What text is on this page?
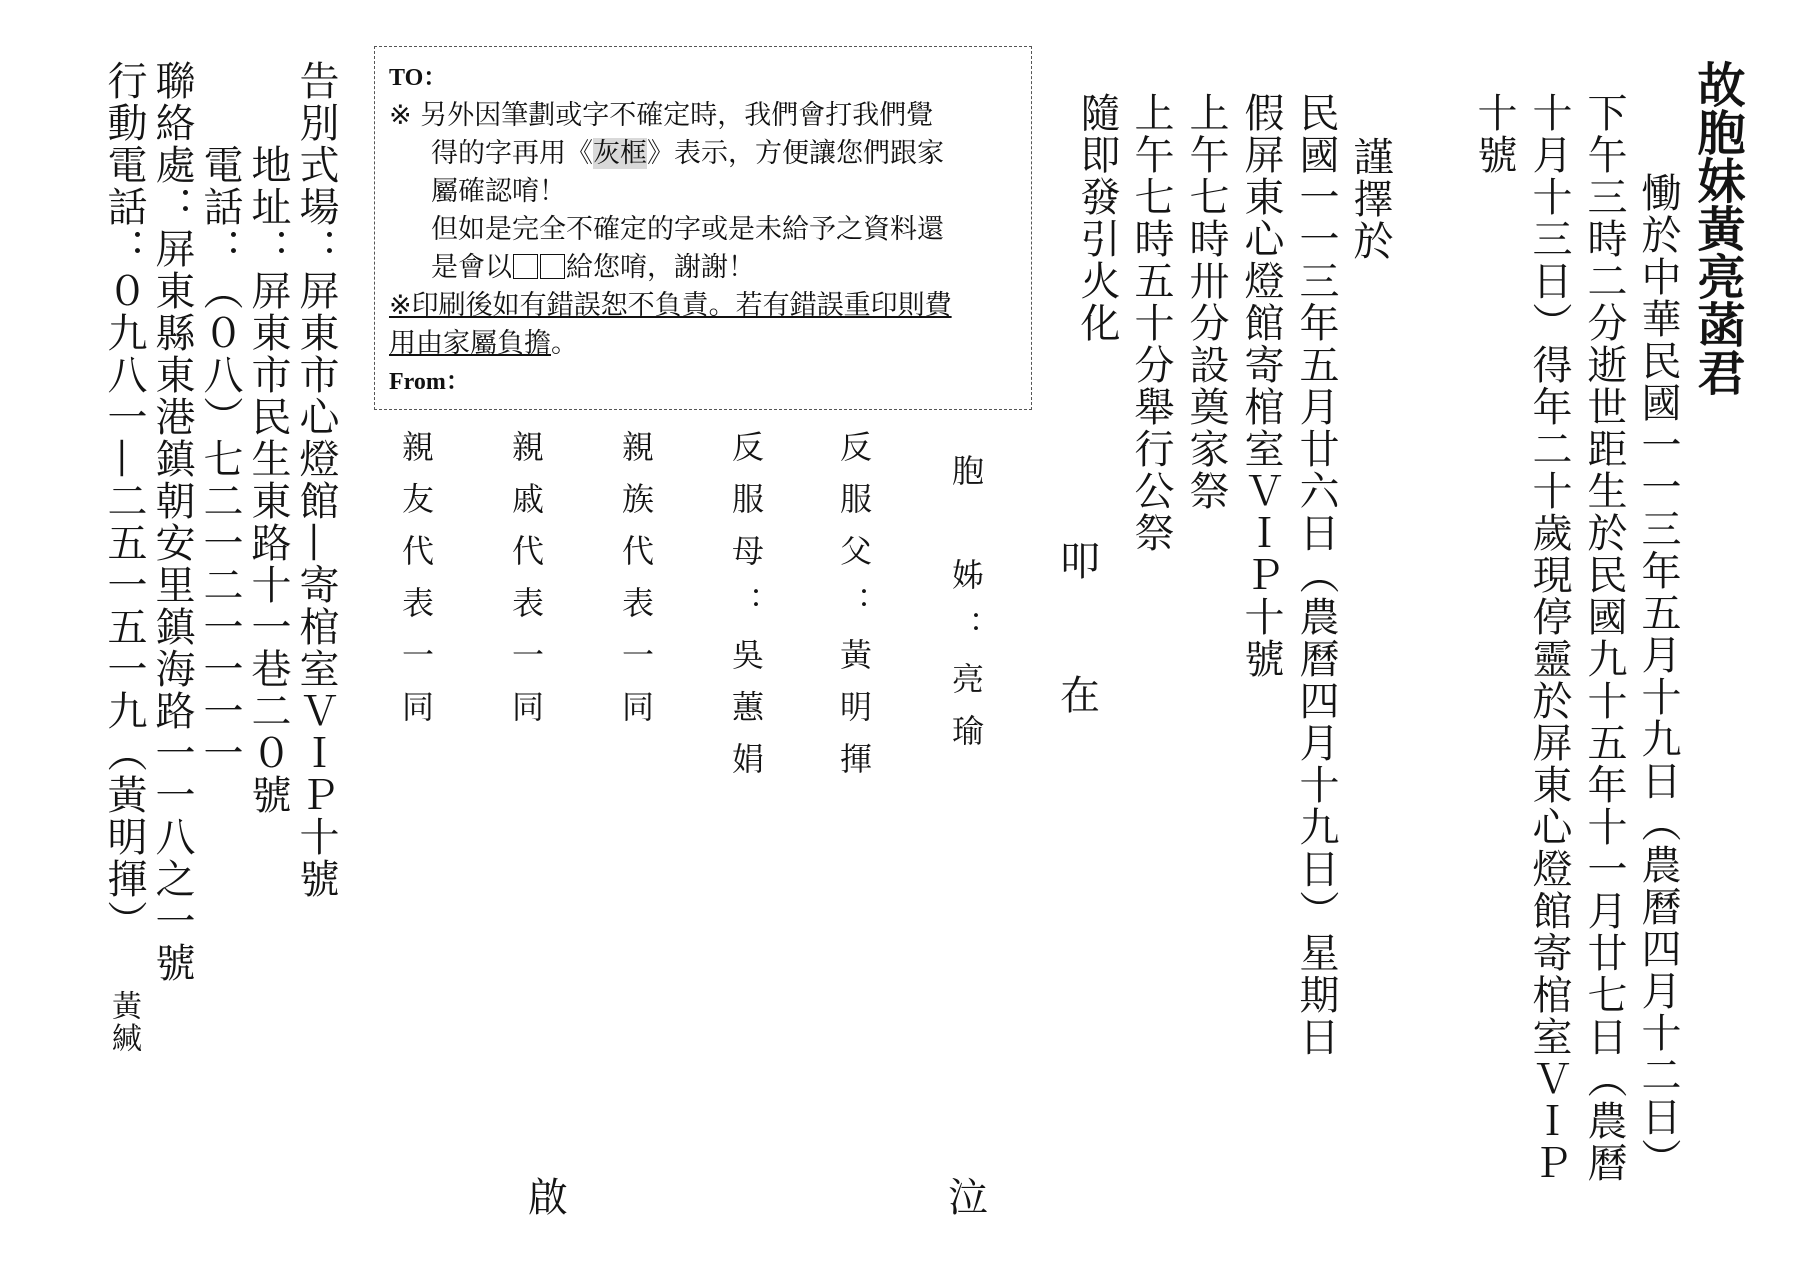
故胞妹黃亮菡君
慟於中華民國一一三年五月十九日（農曆四月十二日）
下午三時二分逝世距生於民國九十五年十一月廿七日（農曆
十月十三日）得年二十歲現停靈於屏東心燈館寄棺室ＶＩＰ
十號
謹擇於
民國一一三年五月廿六日（農曆四月十九日）星期日
假屏東心燈館寄棺室ＶＩＰ十號
上午七時卅分設奠家祭
上午七時五十分舉行公祭
隨即發引火化
胞　姊：亮瑜
反服父：黃明揮
反服母：吳蕙娟
親族代表一同
親戚代表一同
親友代表一同	叩
在
泣
啟
告別式場：屏東市心燈館—寄棺室ＶＩＰ十號
地址：屏東市民生東路十一巷二０號
電話：（０八）七二一二一一一一
聯絡處：屏東縣東港鎮朝安里鎮海路一一八之一號
行動電話：０九八一—二五一五一九（黃明揮）
黃緘
TO：
※ 另外因筆劃或字不確定時，我們會打我們覺
得的字再用《灰框》表示，方便讓您們跟家
屬確認唷！
但如是完全不確定的字或是未給予之資料還
是會以 給您唷，謝謝！
※印刷後如有錯誤恕不負責。若有錯誤重印則費
用由家屬負擔。
From：
